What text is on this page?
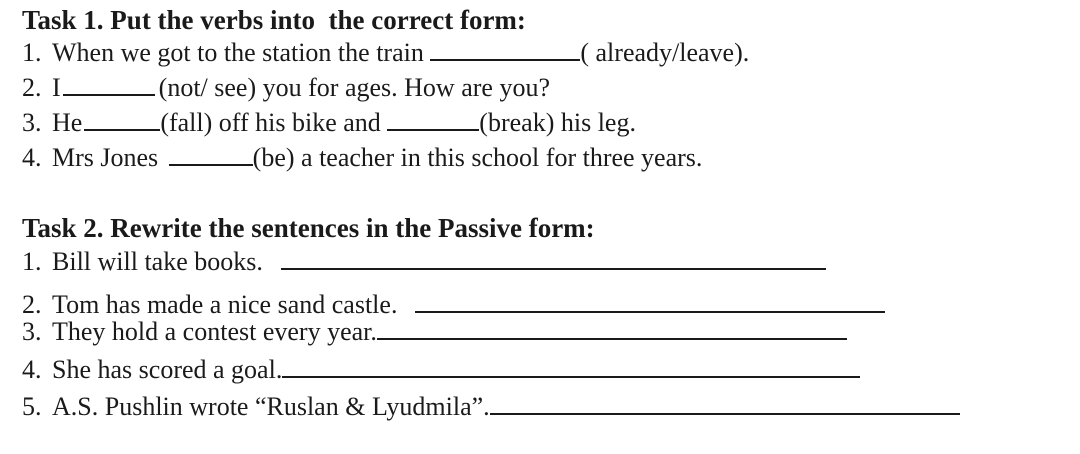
Task 1. Put the verbs into  the correct form:
1. When we got to the station the train	( already/leave).
2. I	(not/ see) you for ages. How are you?
3. He	(fall) off his bike and	(break) his leg.
4. Mrs Jones	(be) a teacher in this school for three years.
Task 2. Rewrite the sentences in the Passive form:
1. Bill will take books.
2. Tom has made a nice sand castle.
3. They hold a contest every year.
4. She has scored a goal.
5. A.S. Pushlin wrote “Ruslan & Lyudmila”.
